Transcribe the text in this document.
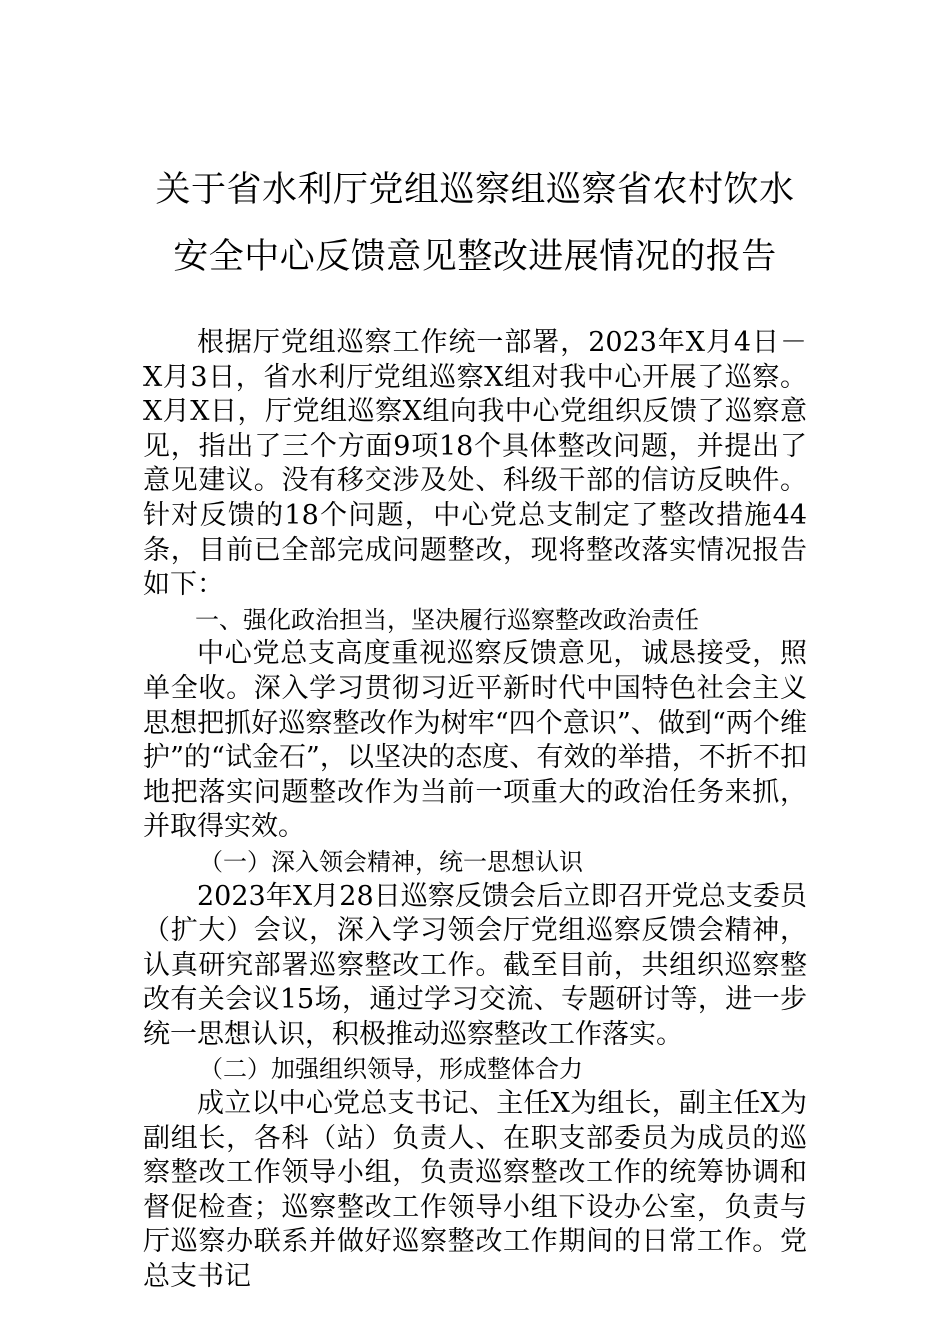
关于省水利厅党组巡察组巡察省农村饮水
安全中心反馈意见整改进展情况的报告

根据厅党组巡察工作统一部署，2023年X月4日－X月3日，省水利厅党组巡察X组对我中心开展了巡察。X月X日，厅党组巡察X组向我中心党组织反馈了巡察意见，指出了三个方面9项18个具体整改问题，并提出了意见建议。没有移交涉及处、科级干部的信访反映件。针对反馈的18个问题，中心党总支制定了整改措施44条，目前已全部完成问题整改，现将整改落实情况报告如下：

一、强化政治担当，坚决履行巡察整改政治责任

中心党总支高度重视巡察反馈意见，诚恳接受，照单全收。深入学习贯彻习近平新时代中国特色社会主义思想把抓好巡察整改作为树牢“四个意识”、做到“两个维护”的“试金石”，以坚决的态度、有效的举措，不折不扣地把落实问题整改作为当前一项重大的政治任务来抓，并取得实效。

（一）深入领会精神，统一思想认识

2023年X月28日巡察反馈会后立即召开党总支委员（扩大）会议，深入学习领会厅党组巡察反馈会精神，认真研究部署巡察整改工作。截至目前，共组织巡察整改有关会议15场，通过学习交流、专题研讨等，进一步统一思想认识，积极推动巡察整改工作落实。

（二）加强组织领导，形成整体合力

成立以中心党总支书记、主任X为组长，副主任X为副组长，各科（站）负责人、在职支部委员为成员的巡察整改工作领导小组，负责巡察整改工作的统筹协调和督促检查；巡察整改工作领导小组下设办公室，负责与厅巡察办联系并做好巡察整改工作期间的日常工作。党总支书记
